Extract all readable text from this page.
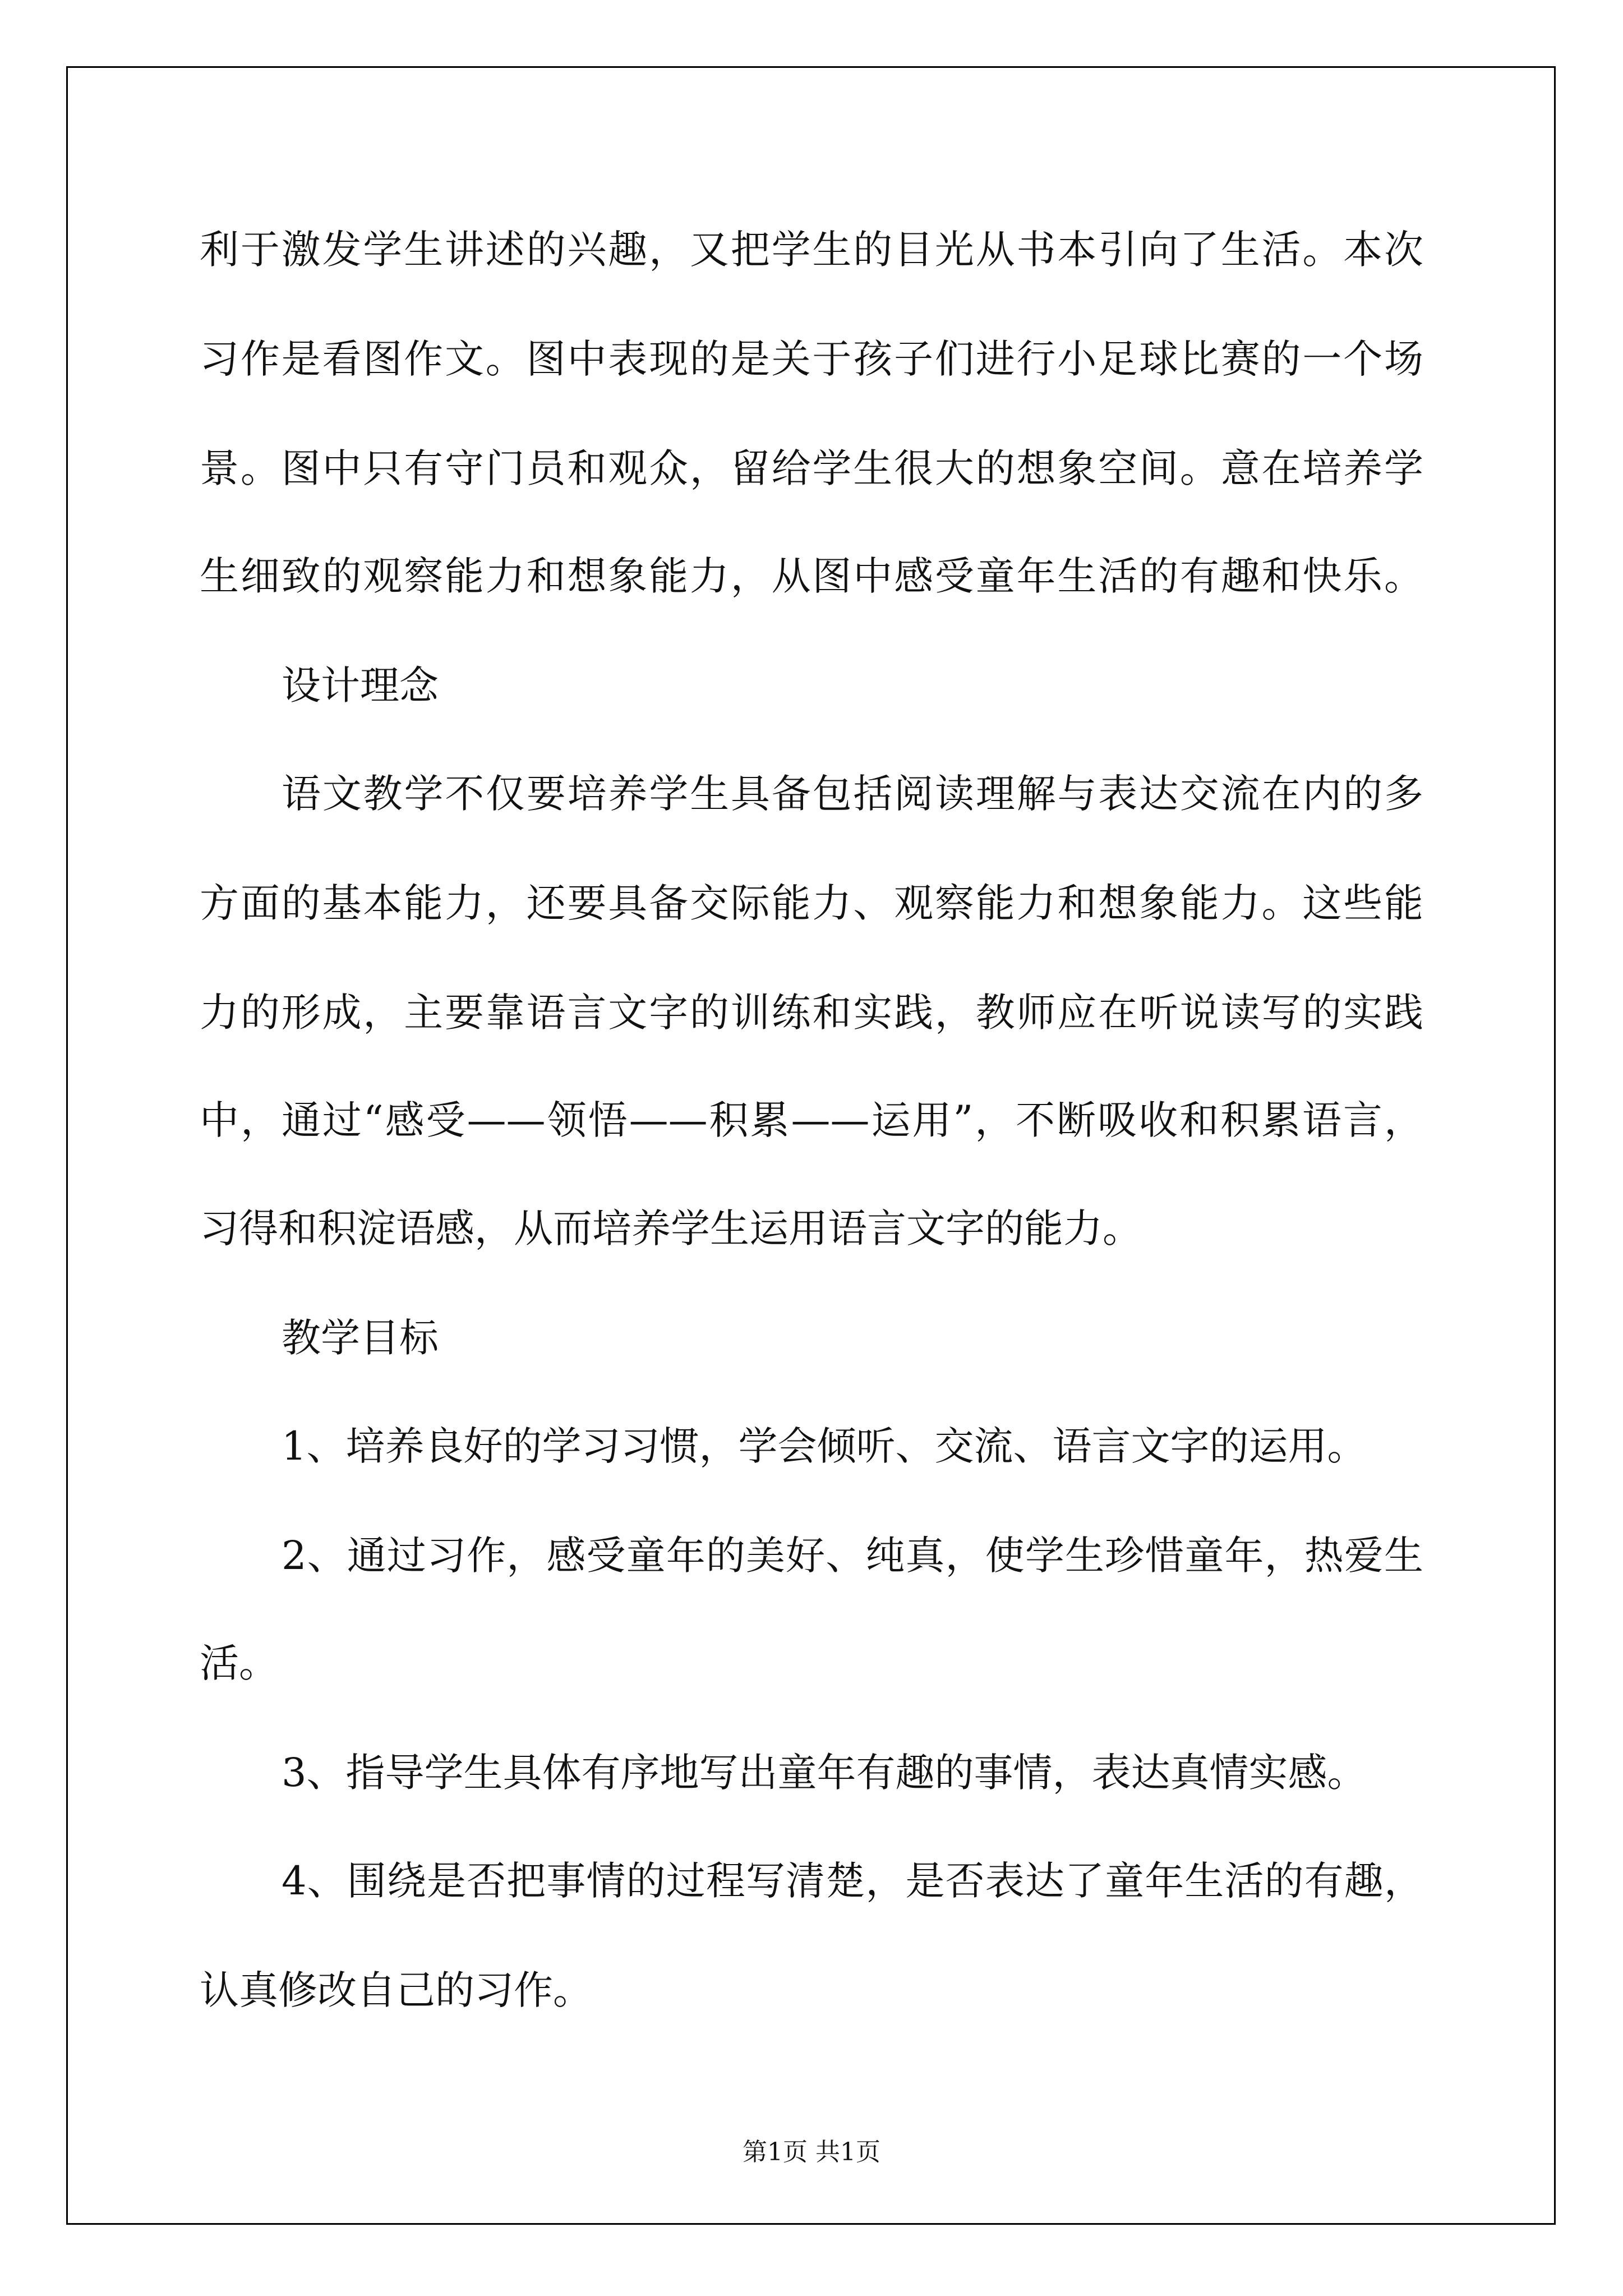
利于激发学生讲述的兴趣，又把学生的目光从书本引向了生活。本次
习作是看图作文。图中表现的是关于孩子们进行小足球比赛的一个场
景。图中只有守门员和观众，留给学生很大的想象空间。意在培养学
生细致的观察能力和想象能力，从图中感受童年生活的有趣和快乐。
设计理念
语文教学不仅要培养学生具备包括阅读理解与表达交流在内的多
方面的基本能力，还要具备交际能力、观察能力和想象能力。这些能
力的形成，主要靠语言文字的训练和实践，教师应在听说读写的实践
中，通过“感受——领悟——积累——运用”，不断吸收和积累语言，
习得和积淀语感，从而培养学生运用语言文字的能力。
教学目标
1、培养良好的学习习惯，学会倾听、交流、语言文字的运用。
2、通过习作，感受童年的美好、纯真，使学生珍惜童年，热爱生
活。
3、指导学生具体有序地写出童年有趣的事情，表达真情实感。
4、围绕是否把事情的过程写清楚，是否表达了童年生活的有趣，
认真修改自己的习作。
第1页 共1页
